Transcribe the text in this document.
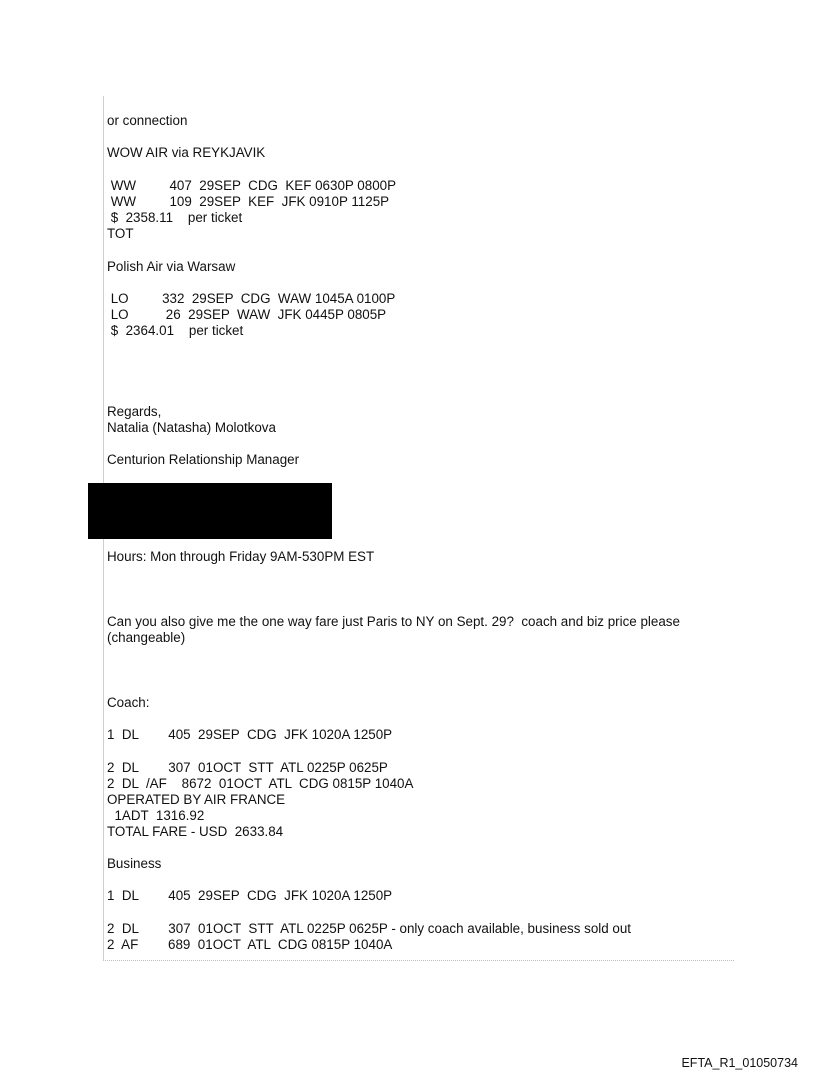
or connection
WOW AIR via REYKJAVIK
WW         407  29SEP  CDG  KEF 0630P 0800P
WW         109  29SEP  KEF  JFK 0910P 1125P
$  2358.11    per ticket
TOT
Polish Air via Warsaw
LO         332  29SEP  CDG  WAW 1045A 0100P
LO          26  29SEP  WAW  JFK 0445P 0805P
$  2364.01    per ticket
Regards,
Natalia (Natasha) Molotkova
Centurion Relationship Manager
Hours: Mon through Friday 9AM-530PM EST
Can you also give me the one way fare just Paris to NY on Sept. 29?  coach and biz price please
(changeable)
Coach:
1  DL        405  29SEP  CDG  JFK 1020A 1250P
2  DL        307  01OCT  STT  ATL 0225P 0625P
2  DL  /AF    8672  01OCT  ATL  CDG 0815P 1040A
OPERATED BY AIR FRANCE
1ADT  1316.92
TOTAL FARE - USD  2633.84
Business
1  DL        405  29SEP  CDG  JFK 1020A 1250P
2  DL        307  01OCT  STT  ATL 0225P 0625P - only coach available, business sold out
2  AF        689  01OCT  ATL  CDG 0815P 1040A
EFTA_R1_01050734
